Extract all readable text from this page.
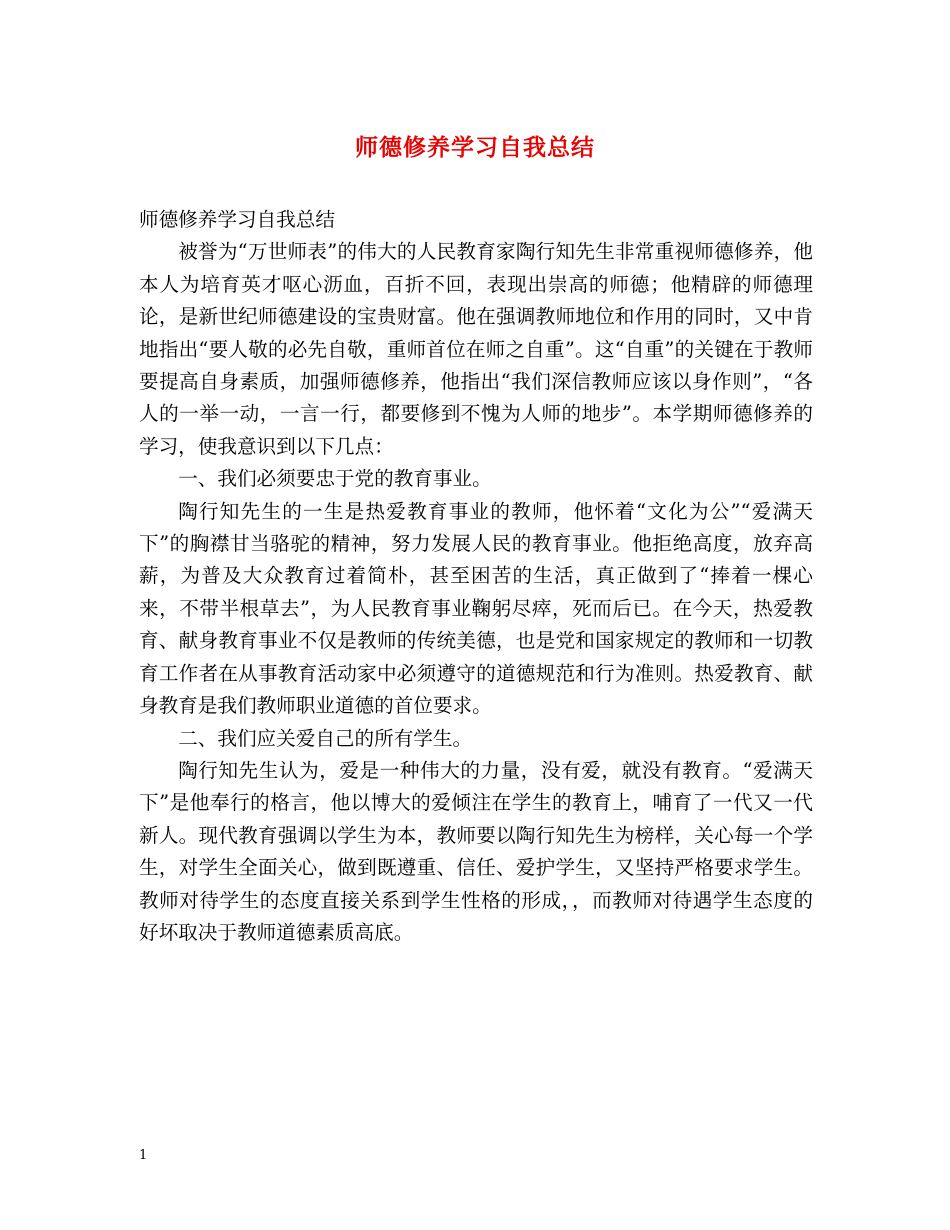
师德修养学习自我总结

师德修养学习自我总结

被誉为“万世师表”的伟大的人民教育家陶行知先生非常重视师德修养，他本人为培育英才呕心沥血，百折不回，表现出崇高的师德；他精辟的师德理论，是新世纪师德建设的宝贵财富。他在强调教师地位和作用的同时，又中肯地指出“要人敬的必先自敬，重师首位在师之自重”。这“自重”的关键在于教师要提高自身素质，加强师德修养，他指出“我们深信教师应该以身作则”，“各人的一举一动，一言一行，都要修到不愧为人师的地步”。本学期师德修养的学习，使我意识到以下几点：

一、我们必须要忠于党的教育事业。

陶行知先生的一生是热爱教育事业的教师，他怀着“文化为公”“爱满天下”的胸襟甘当骆驼的精神，努力发展人民的教育事业。他拒绝高度，放弃高薪，为普及大众教育过着简朴，甚至困苦的生活，真正做到了“捧着一棵心来，不带半根草去”，为人民教育事业鞠躬尽瘁，死而后已。在今天，热爱教育、献身教育事业不仅是教师的传统美德，也是党和国家规定的教师和一切教育工作者在从事教育活动家中必须遵守的道德规范和行为准则。热爱教育、献身教育是我们教师职业道德的首位要求。

二、我们应关爱自己的所有学生。

陶行知先生认为，爱是一种伟大的力量，没有爱，就没有教育。“爱满天下”是他奉行的格言，他以博大的爱倾注在学生的教育上，哺育了一代又一代新人。现代教育强调以学生为本，教师要以陶行知先生为榜样，关心每一个学生，对学生全面关心，做到既遵重、信任、爱护学生，又坚持严格要求学生。教师对待学生的态度直接关系到学生性格的形成，，而教师对待遇学生态度的好坏取决于教师道德素质高底。

1
